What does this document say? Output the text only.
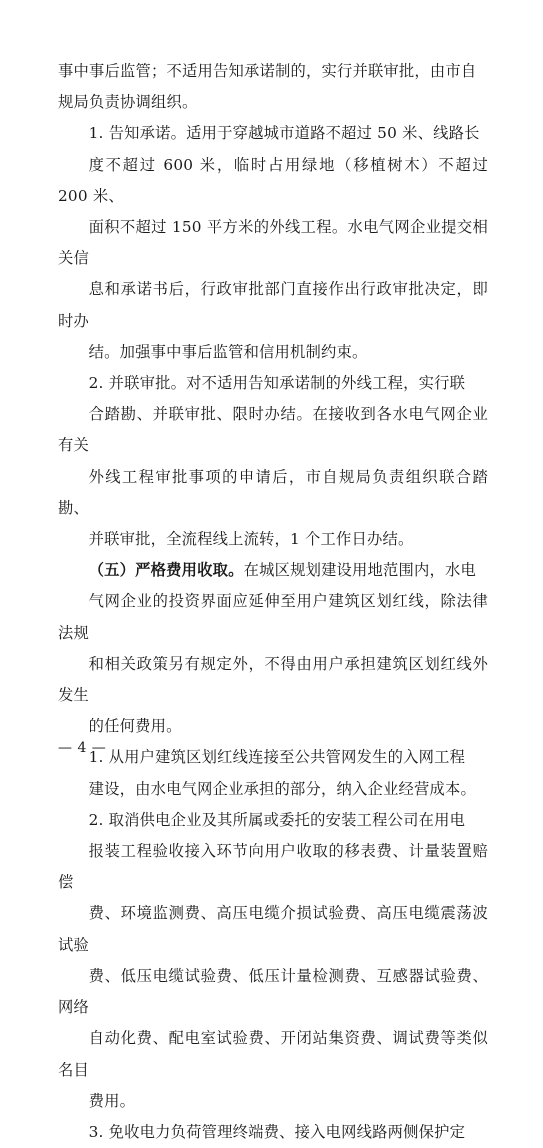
事中事后监管；不适用告知承诺制的，实行并联审批，由市自
规局负责协调组织。

1. 告知承诺。适用于穿越城市道路不超过 50 米、线路长
度不超过 600 米，临时占用绿地（移植树木）不超过 200 米、
面积不超过 150 平方米的外线工程。水电气网企业提交相关信
息和承诺书后，行政审批部门直接作出行政审批决定，即时办
结。加强事中事后监管和信用机制约束。

2. 并联审批。对不适用告知承诺制的外线工程，实行联
合踏勘、并联审批、限时办结。在接收到各水电气网企业有关
外线工程审批事项的申请后，市自规局负责组织联合踏勘、
并联审批，全流程线上流转，1 个工作日办结。

（五）严格费用收取。在城区规划建设用地范围内，水电
气网企业的投资界面应延伸至用户建筑区划红线，除法律法规
和相关政策另有规定外，不得由用户承担建筑区划红线外发生
的任何费用。

1. 从用户建筑区划红线连接至公共管网发生的入网工程
建设，由水电气网企业承担的部分，纳入企业经营成本。

2. 取消供电企业及其所属或委托的安装工程公司在用电
报装工程验收接入环节向用户收取的移表费、计量装置赔偿
费、环境监测费、高压电缆介损试验费、高压电缆震荡波试验
费、低压电缆试验费、低压计量检测费、互感器试验费、网络
自动化费、配电室试验费、开闭站集资费、调试费等类似名目
费用。

3. 免收电力负荷管理终端费、接入电网线路两侧保护定

— 4 —
